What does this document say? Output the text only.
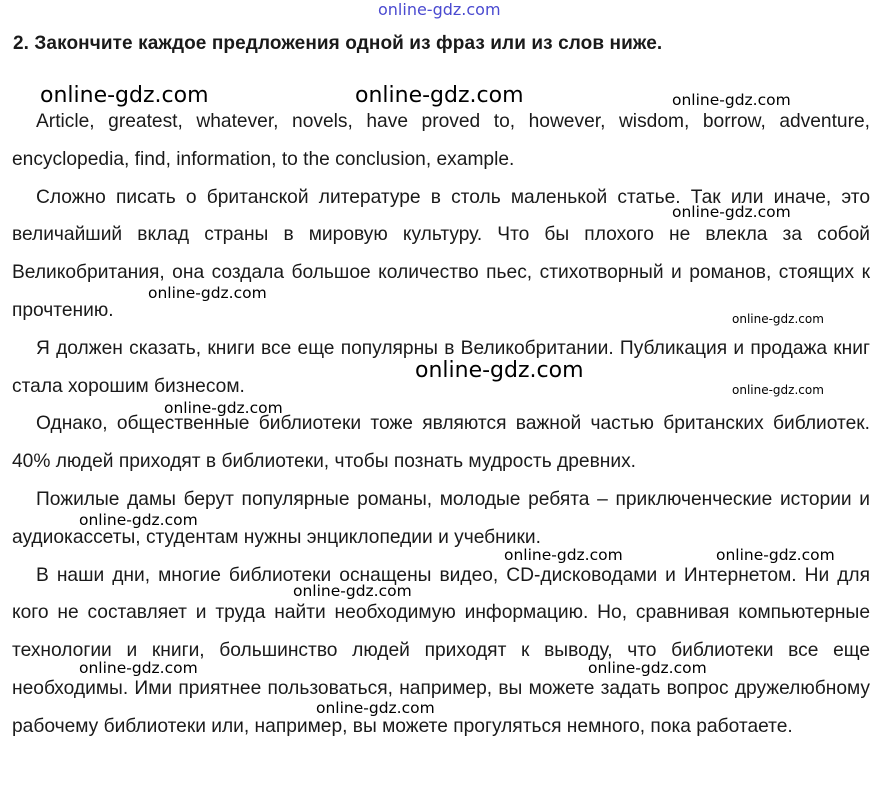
2. Закончите каждое предложения одной из фраз или из слов ниже.

Article, greatest, whatever, novels, have proved to, however, wisdom, borrow, adventure, encyclopedia, find, information, to the conclusion, example.

Сложно писать о британской литературе в столь маленькой статье. Так или иначе, это величайший вклад страны в мировую культуру. Что бы плохого не влекла за собой Великобритания, она создала большое количество пьес, стихотворный и романов, стоящих к прочтению.

Я должен сказать, книги все еще популярны в Великобритании. Публикация и продажа книг стала хорошим бизнесом.

Однако, общественные библиотеки тоже являются важной частью британских библиотек. 40% людей приходят в библиотеки, чтобы познать мудрость древних.

Пожилые дамы берут популярные романы, молодые ребята – приключенческие истории и аудиокассеты, студентам нужны энциклопедии и учебники.

В наши дни, многие библиотеки оснащены видео, CD-дисководами и Интернетом. Ни для кого не составляет и труда найти необходимую информацию. Но, сравнивая компьютерные технологии и книги, большинство людей приходят к выводу, что библиотеки все еще необходимы. Ими приятнее пользоваться, например, вы можете задать вопрос дружелюбному рабочему библиотеки или, например, вы можете прогуляться немного, пока работаете.

online-gdz.com
online-gdz.com	online-gdz.com	online-gdz.com
online-gdz.com
online-gdz.com
online-gdz.com
online-gdz.com
online-gdz.com
online-gdz.com
online-gdz.com
online-gdz.com	online-gdz.com
online-gdz.com
online-gdz.com	online-gdz.com
online-gdz.com
